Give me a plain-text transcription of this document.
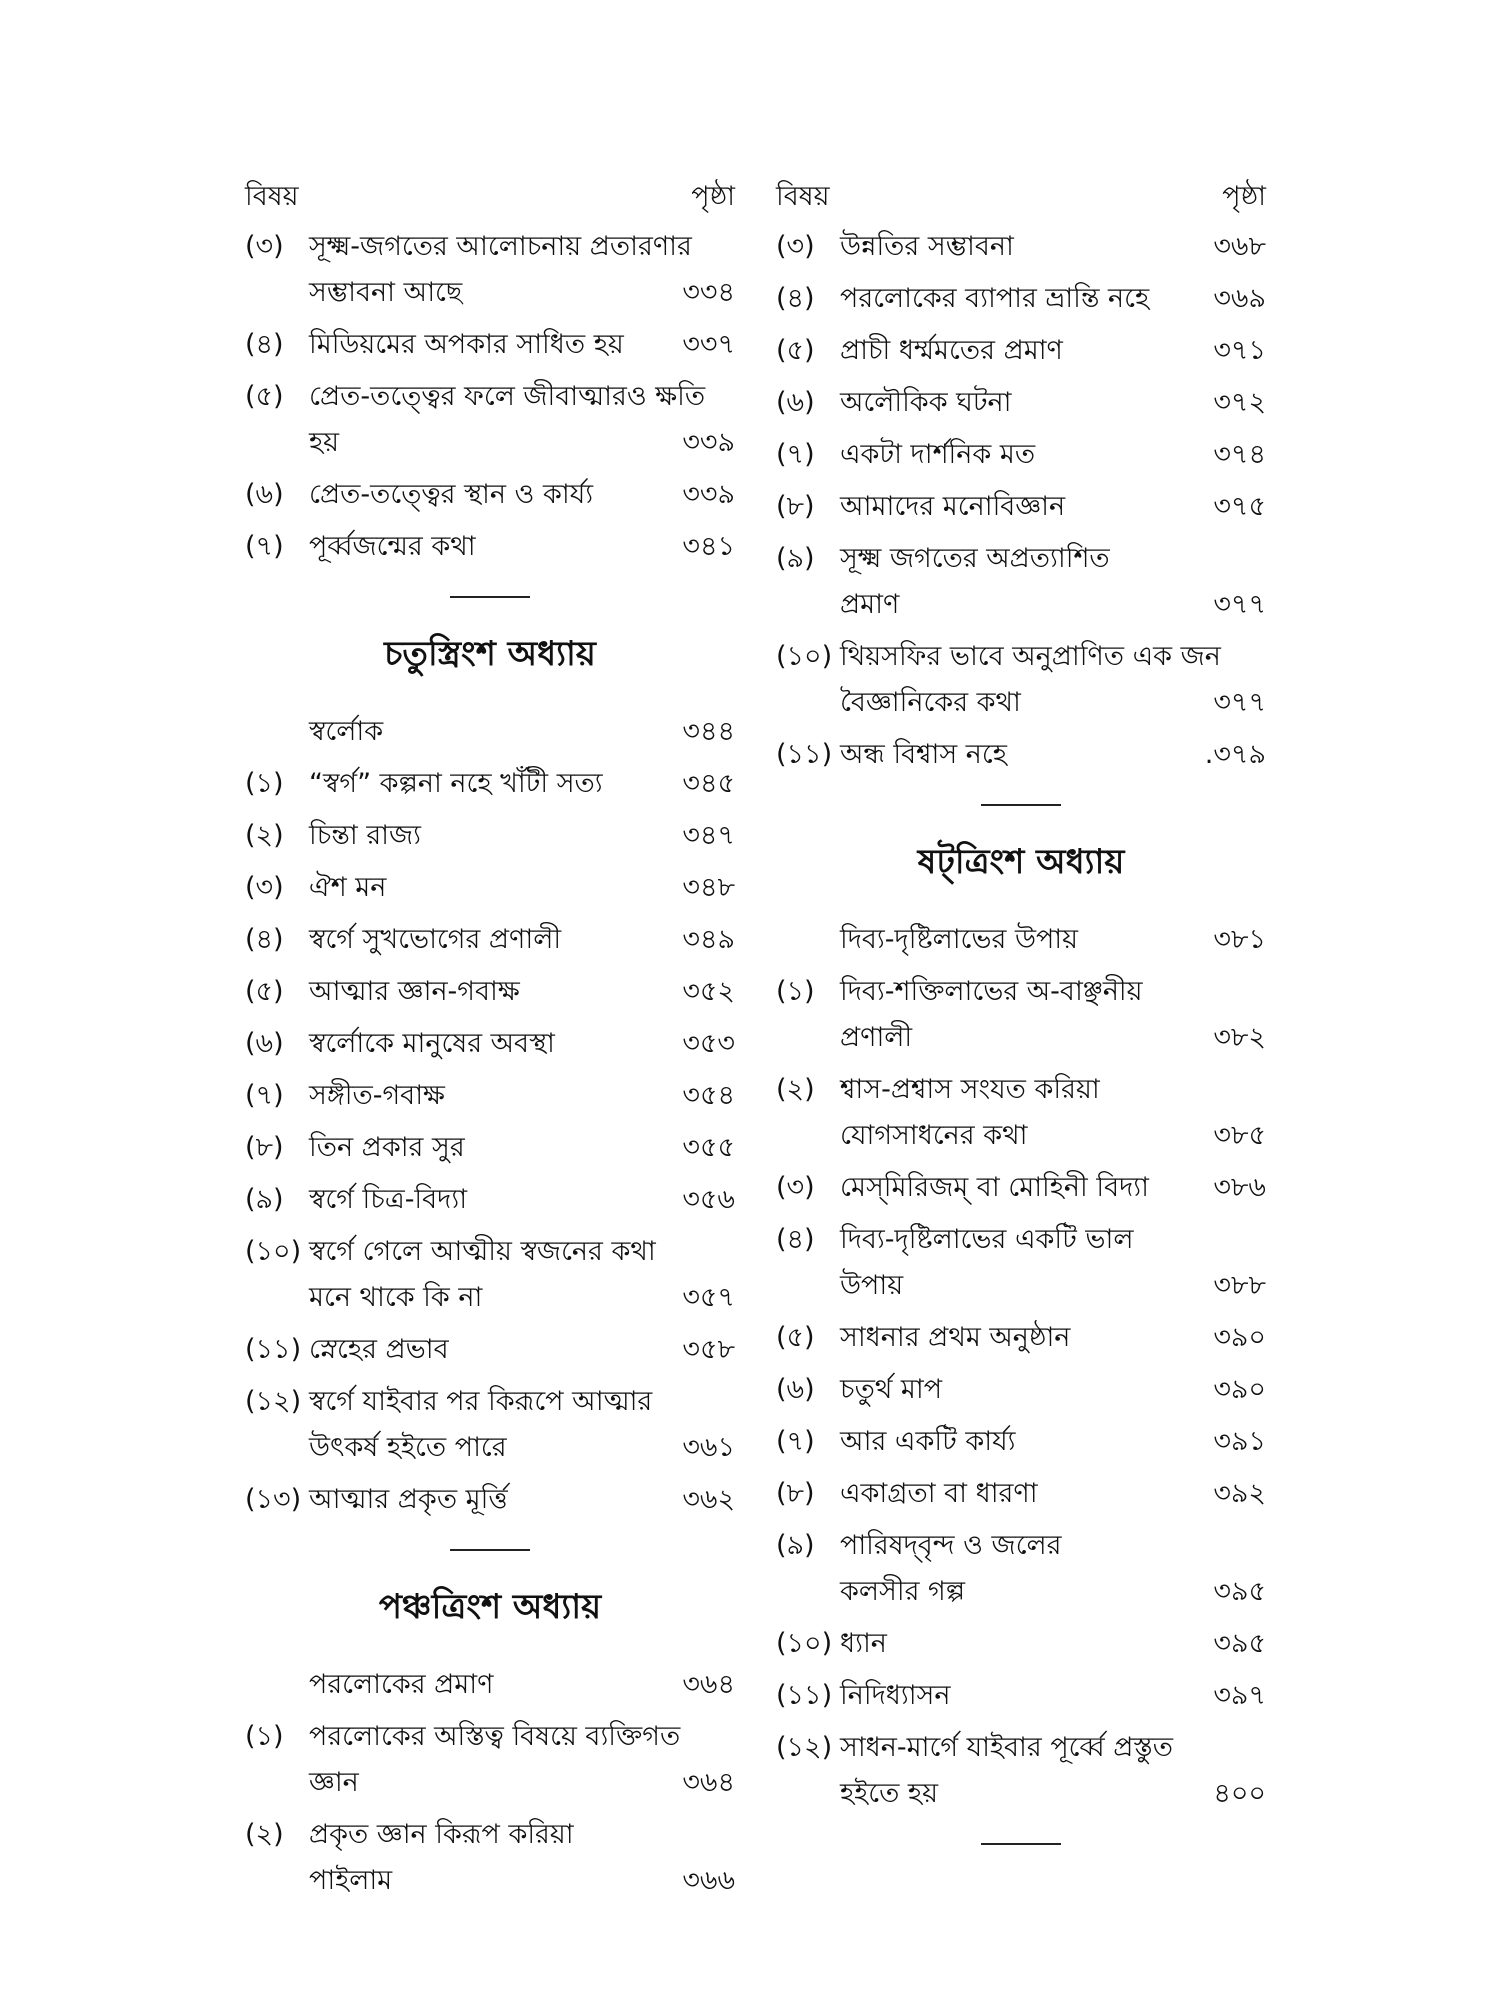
বিষয়	পৃষ্ঠা
(৩) সূক্ষ্ম-জগতের আলোচনায় প্রতারণার
সম্ভাবনা আছে	৩৩৪
(৪) মিডিয়মের অপকার সাধিত হয়	৩৩৭
(৫) প্রেত-তত্ত্বের ফলে জীবাত্মারও ক্ষতি
হয়	৩৩৯
(৬) প্রেত-তত্ত্বের স্থান ও কার্য্য	৩৩৯
(৭) পূর্ব্বজন্মের কথা	৩৪১
চতুস্ত্রিংশ অধ্যায়
স্বর্লোক	৩৪৪
(১) “স্বর্গ” কল্পনা নহে খাঁটী সত্য	৩৪৫
(২) চিন্তা রাজ্য	৩৪৭
(৩) ঐশ মন	৩৪৮
(৪) স্বর্গে সুখভোগের প্রণালী	৩৪৯
(৫) আত্মার জ্ঞান-গবাক্ষ	৩৫২
(৬) স্বর্লোকে মানুষের অবস্থা	৩৫৩
(৭) সঙ্গীত-গবাক্ষ	৩৫৪
(৮) তিন প্রকার সুর	৩৫৫
(৯) স্বর্গে চিত্র-বিদ্যা	৩৫৬
(১০) স্বর্গে গেলে আত্মীয় স্বজনের কথা
মনে থাকে কি না	৩৫৭
(১১) স্নেহের প্রভাব	৩৫৮
(১২) স্বর্গে যাইবার পর কিরূপে আত্মার
উৎকর্ষ হইতে পারে	৩৬১
(১৩) আত্মার প্রকৃত মূর্ত্তি	৩৬২
পঞ্চত্রিংশ অধ্যায়
পরলোকের প্রমাণ	৩৬৪
(১) পরলোকের অস্তিত্ব বিষয়ে ব্যক্তিগত
জ্ঞান	৩৬৪
(২) প্রকৃত জ্ঞান কিরূপ করিয়া
পাইলাম	৩৬৬
বিষয়	পৃষ্ঠা
(৩) উন্নতির সম্ভাবনা	৩৬৮
(৪) পরলোকের ব্যাপার ভ্রান্তি নহে	৩৬৯
(৫) প্রাচী ধর্ম্মমতের প্রমাণ	৩৭১
(৬) অলৌকিক ঘটনা	৩৭২
(৭) একটা দার্শনিক মত	৩৭৪
(৮) আমাদের মনোবিজ্ঞান	৩৭৫
(৯) সূক্ষ্ম জগতের অপ্রত্যাশিত
প্রমাণ	৩৭৭
(১০) থিয়সফির ভাবে অনুপ্রাণিত এক জন
বৈজ্ঞানিকের কথা	৩৭৭
(১১) অন্ধ বিশ্বাস নহে	.৩৭৯
ষট্‌ত্রিংশ অধ্যায়
দিব্য-দৃষ্টিলাভের উপায়	৩৮১
(১) দিব্য-শক্তিলাভের অ-বাঞ্ছনীয়
প্রণালী	৩৮২
(২) শ্বাস-প্রশ্বাস সংযত করিয়া
যোগসাধনের কথা	৩৮৫
(৩) মেস্‌মিরিজম্‌ বা মোহিনী বিদ্যা	৩৮৬
(৪) দিব্য-দৃষ্টিলাভের একটি ভাল
উপায়	৩৮৮
(৫) সাধনার প্রথম অনুষ্ঠান	৩৯০
(৬) চতুর্থ মাপ	৩৯০
(৭) আর একটি কার্য্য	৩৯১
(৮) একাগ্রতা বা ধারণা	৩৯২
(৯) পারিষদ্‌বৃন্দ ও জলের
কলসীর গল্প	৩৯৫
(১০) ধ্যান	৩৯৫
(১১) নিদিধ্যাসন	৩৯৭
(১২) সাধন-মার্গে যাইবার পূর্ব্বে প্রস্তুত
হইতে হয়	৪০০
